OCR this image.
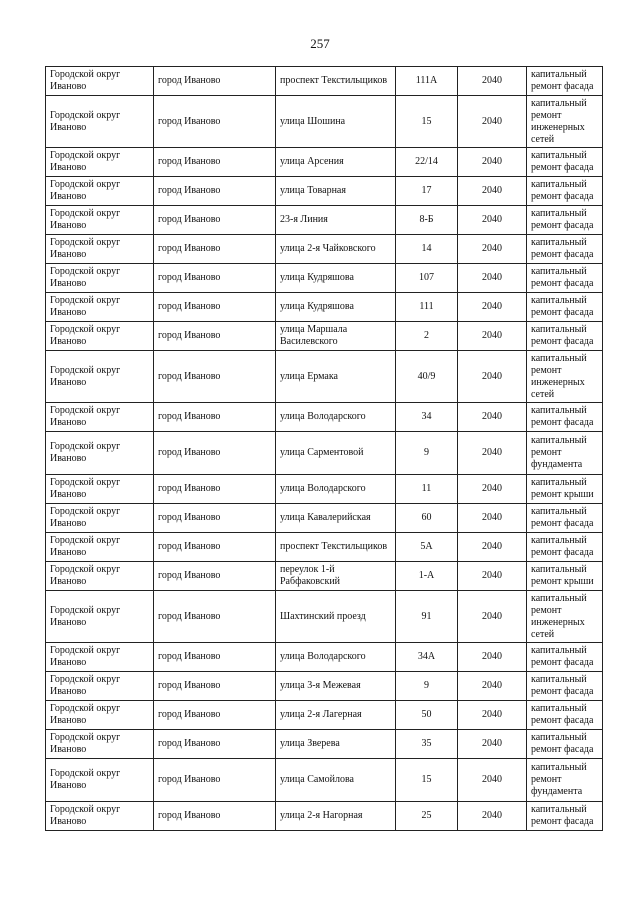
257
Городской округ Иваново	город Иваново	проспект Текстильщиков	111А	2040	капитальный ремонт фасада
Городской округ Иваново	город Иваново	улица Шошина	15	2040	капитальный ремонт инженерных сетей
Городской округ Иваново	город Иваново	улица Арсения	22/14	2040	капитальный ремонт фасада
Городской округ Иваново	город Иваново	улица Товарная	17	2040	капитальный ремонт фасада
Городской округ Иваново	город Иваново	23-я Линия	8-Б	2040	капитальный ремонт фасада
Городской округ Иваново	город Иваново	улица 2-я Чайковского	14	2040	капитальный ремонт фасада
Городской округ Иваново	город Иваново	улица Кудряшова	107	2040	капитальный ремонт фасада
Городской округ Иваново	город Иваново	улица Кудряшова	111	2040	капитальный ремонт фасада
Городской округ Иваново	город Иваново	улица Маршала Василевского	2	2040	капитальный ремонт фасада
Городской округ Иваново	город Иваново	улица Ермака	40/9	2040	капитальный ремонт инженерных сетей
Городской округ Иваново	город Иваново	улица Володарского	34	2040	капитальный ремонт фасада
Городской округ Иваново	город Иваново	улица Сарментовой	9	2040	капитальный ремонт фундамента
Городской округ Иваново	город Иваново	улица Володарского	11	2040	капитальный ремонт крыши
Городской округ Иваново	город Иваново	улица Кавалерийская	60	2040	капитальный ремонт фасада
Городской округ Иваново	город Иваново	проспект Текстильщиков	5А	2040	капитальный ремонт фасада
Городской округ Иваново	город Иваново	переулок 1-й Рабфаковский	1-А	2040	капитальный ремонт крыши
Городской округ Иваново	город Иваново	Шахтинский проезд	91	2040	капитальный ремонт инженерных сетей
Городской округ Иваново	город Иваново	улица Володарского	34А	2040	капитальный ремонт фасада
Городской округ Иваново	город Иваново	улица 3-я Межевая	9	2040	капитальный ремонт фасада
Городской округ Иваново	город Иваново	улица 2-я Лагерная	50	2040	капитальный ремонт фасада
Городской округ Иваново	город Иваново	улица Зверева	35	2040	капитальный ремонт фасада
Городской округ Иваново	город Иваново	улица Самойлова	15	2040	капитальный ремонт фундамента
Городской округ Иваново	город Иваново	улица 2-я Нагорная	25	2040	капитальный ремонт фасада
